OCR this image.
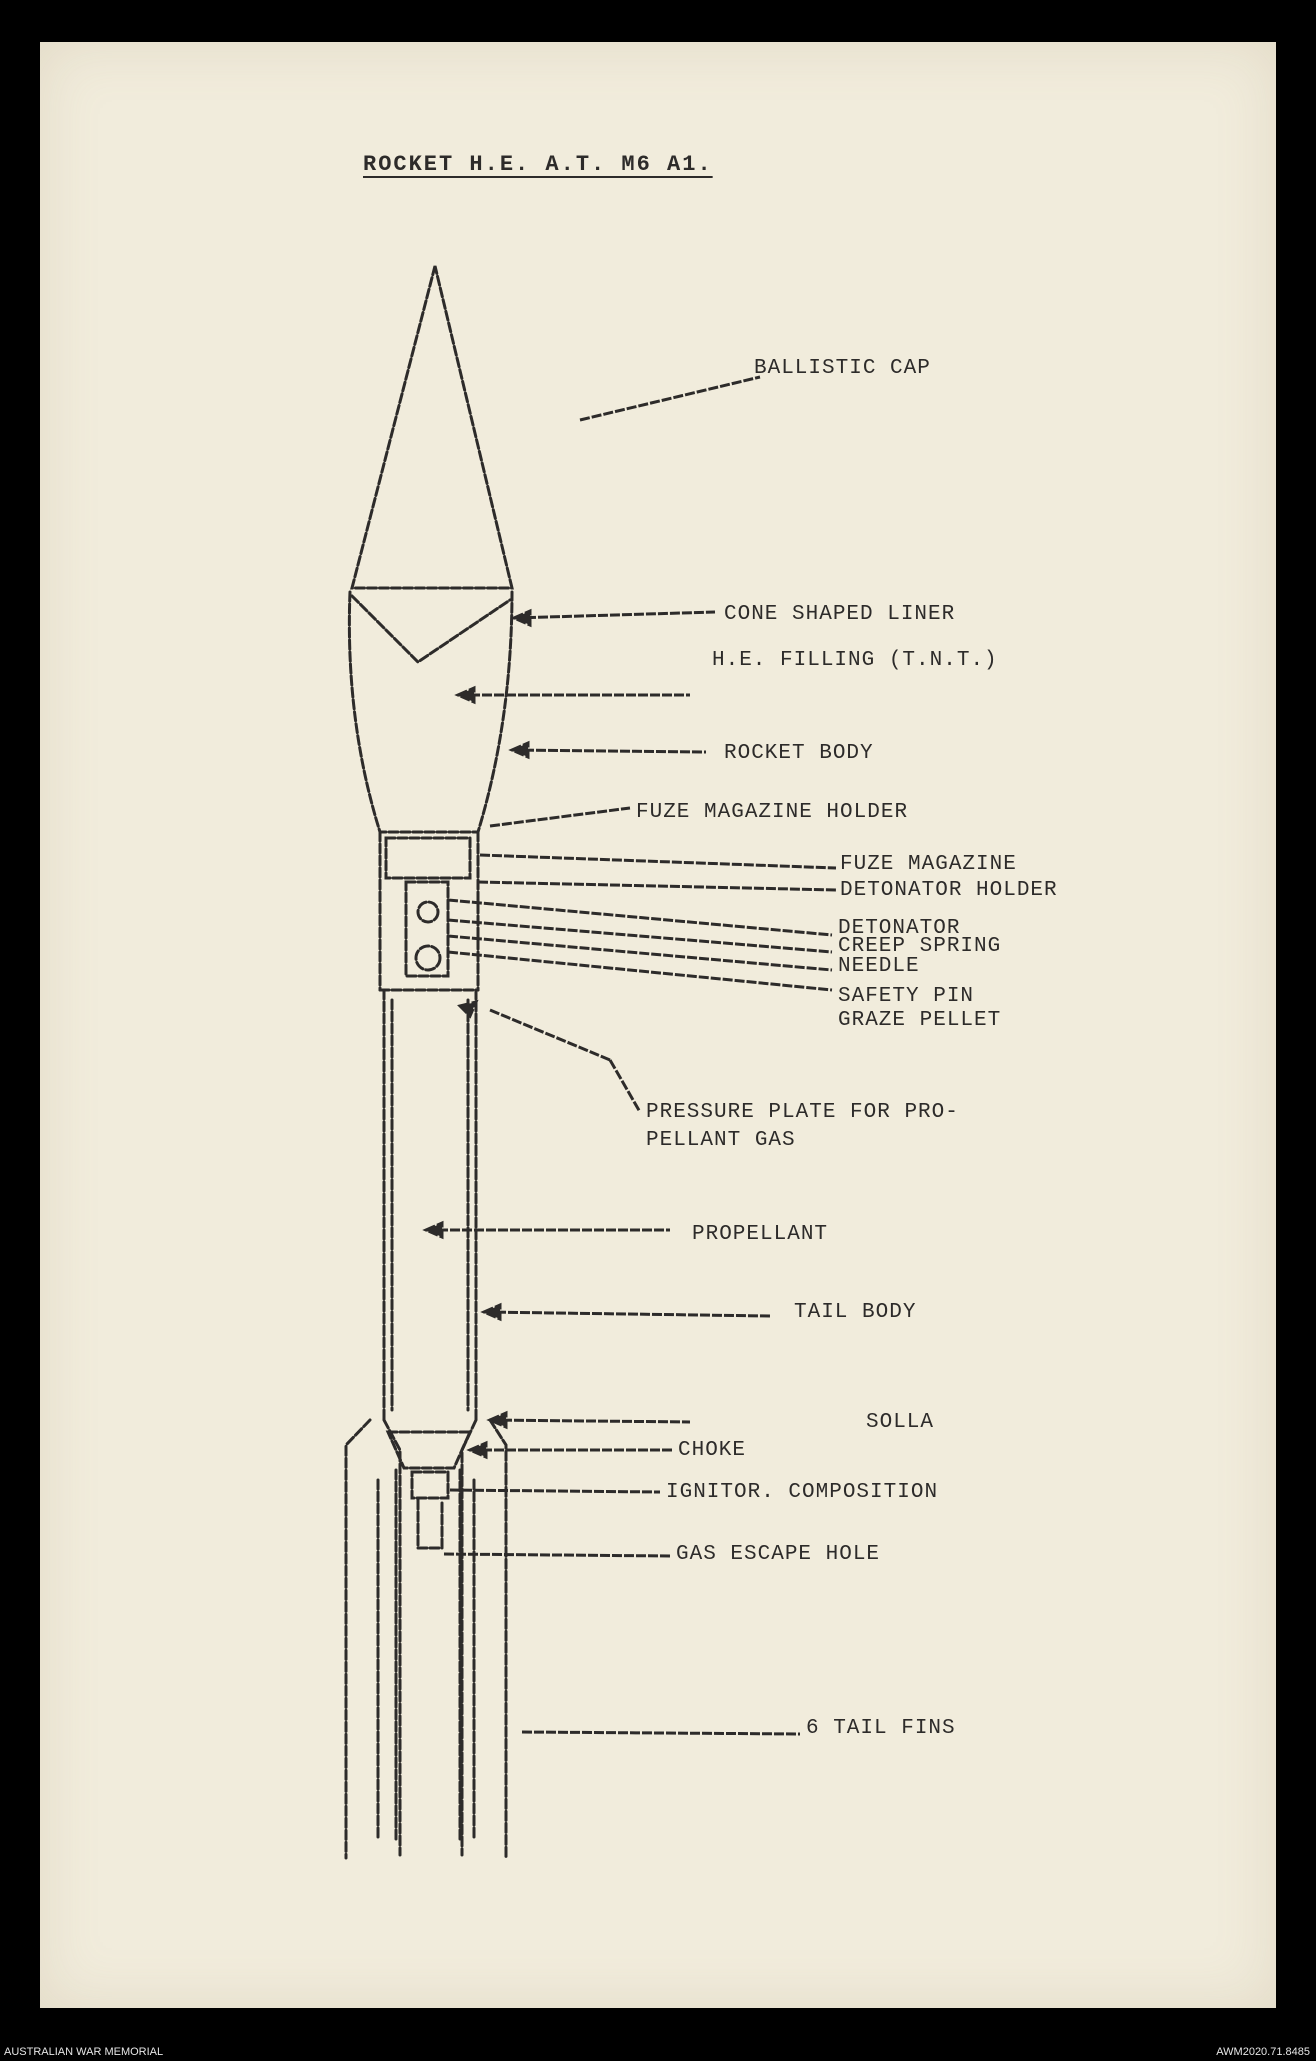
ROCKET H.E. A.T. M6 A1.
BALLISTIC CAP
CONE SHAPED LINER
H.E. FILLING (T.N.T.)
ROCKET BODY
FUZE MAGAZINE HOLDER
FUZE MAGAZINE
DETONATOR HOLDER
DETONATOR
CREEP SPRING
NEEDLE
SAFETY PIN
GRAZE PELLET
PRESSURE PLATE FOR PRO-
PELLANT GAS
PROPELLANT
TAIL BODY
SOLLA
CHOKE
IGNITOR. COMPOSITION
GAS ESCAPE HOLE
6 TAIL FINS
AUSTRALIAN WAR MEMORIAL	AWM2020.71.8485
